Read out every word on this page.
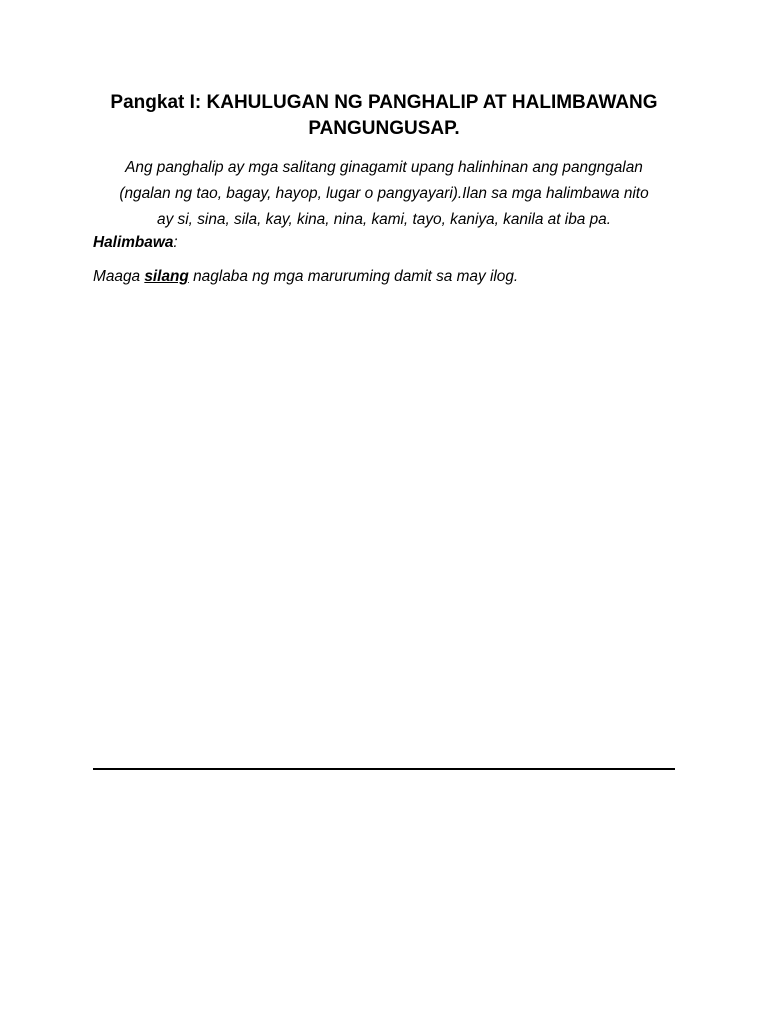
Pangkat I: KAHULUGAN NG PANGHALIP AT HALIMBAWANG
PANGUNGUSAP.
Ang panghalip ay mga salitang ginagamit upang halinhinan ang pangngalan
(ngalan ng tao, bagay, hayop, lugar o pangyayari).Ilan sa mga halimbawa nito
ay si, sina, sila, kay, kina, nina, kami, tayo, kaniya, kanila at iba pa.
Halimbawa:
Maaga silang naglaba ng mga maruruming damit sa may ilog.
